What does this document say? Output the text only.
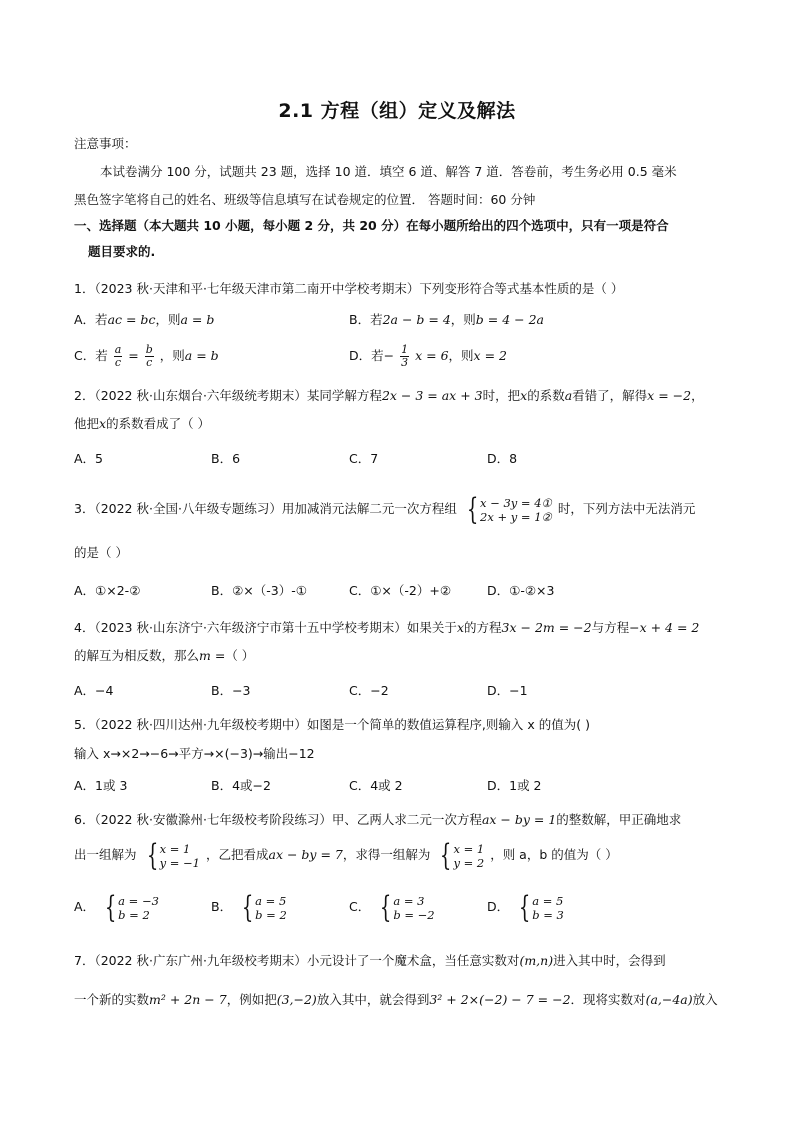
2.1 方程（组）定义及解法
注意事项：
本试卷满分 100 分，试题共 23 题，选择 10 道．填空 6 道、解答 7 道．答卷前，考生务必用 0.5 毫米
黑色签字笔将自己的姓名、班级等信息填写在试卷规定的位置． 答题时间：60 分钟
一、选择题（本大题共 10 小题，每小题 2 分，共 20 分）在每小题所给出的四个选项中，只有一项是符合
题目要求的.
1．（2023 秋·天津和平·七年级天津市第二南开中学校考期末）下列变形符合等式基本性质的是（ ）
A．若ac = bc，则a = b	B．若2a − b = 4，则b = 4 − 2a
C．若 $\frac{a}{c} = \frac{b}{c}$ ，则a = b	D．若− $\frac{1}{3}$ x = 6，则x = 2
2．（2022 秋·山东烟台·六年级统考期末）某同学解方程2x − 3 = ax + 3时，把x的系数a看错了，解得x = −2，
他把x的系数看成了（ ）
A．5	B．6	C．7	D．8
3．（2022 秋·全国·八年级专题练习）用加减消元法解二元一次方程组 { x − 3y = 4①
2x + y = 1②
时，下列方法中无法消元
的是（ ）
A．①×2-②	B．②×（-3）-①	C．①×（-2）+②	D．①-②×3
4．（2023 秋·山东济宁·六年级济宁市第十五中学校考期末）如果关于x的方程3x − 2m = −2与方程−x + 4 = 2
的解互为相反数，那么m =（ ）
A．−4	B．−3	C．−2	D．−1
5．（2022 秋·四川达州·九年级校考期中）如图是一个简单的数值运算程序,则输入 x 的值为( )
输入 x→×2→−6→平方→×(−3)→输出−12
A．1或 3	B．4或−2	C．4或 2	D．1或 2
6．（2022 秋·安徽滁州·七年级校考阶段练习）甲、乙两人求二元一次方程ax − by = 1的整数解，甲正确地求
出一组解为 { x = 1
y = −1
，乙把看成ax − by = 7，求得一组解为 { x = 1
y = 2
，则 a，b 的值为（ ）
A． { a = −3
b = 2
B． { a = 5
b = 2
C． { a = 3
b = −2
D． { a = 5
b = 3
7．（2022 秋·广东广州·九年级校考期末）小元设计了一个魔术盒，当任意实数对(m,n)进入其中时，会得到
一个新的实数m² + 2n − 7，例如把(3,−2)放入其中，就会得到3² + 2×(−2) − 7 = −2．现将实数对(a,−4a)放入
